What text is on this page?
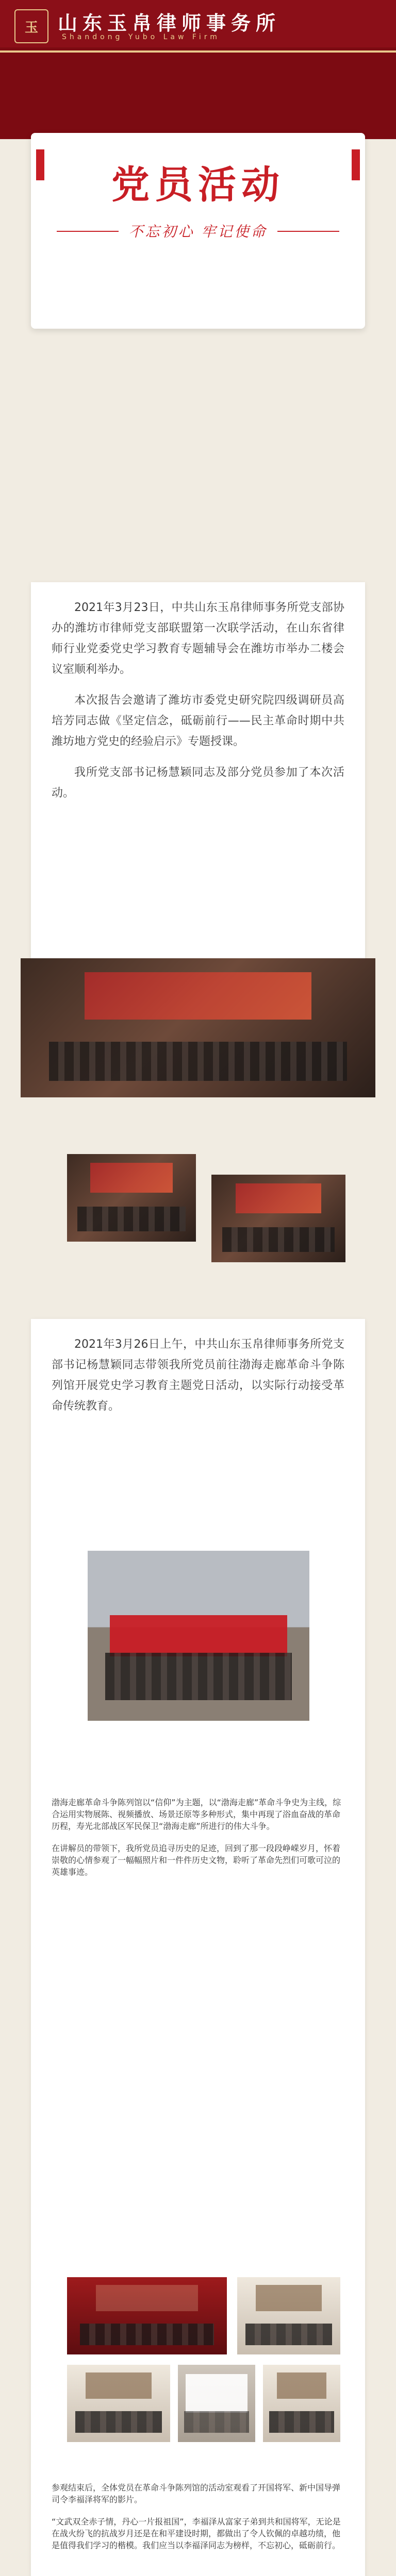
玉	山东玉帛律师事务所
Shandong Yubo Law Firm
党员活动
不忘初心 牢记使命

2021年3月23日，中共山东玉帛律师事务所党支部协办的潍坊市律师党支部联盟第一次联学活动，在山东省律师行业党委党史学习教育专题辅导会在潍坊市举办二楼会议室顺利举办。

本次报告会邀请了潍坊市委党史研究院四级调研员高培芳同志做《坚定信念，砥砺前行——民主革命时期中共潍坊地方党史的经验启示》专题授课。

我所党支部书记杨慧颖同志及部分党员参加了本次活动。

2021年3月26日上午，中共山东玉帛律师事务所党支部书记杨慧颖同志带领我所党员前往渤海走廊革命斗争陈列馆开展党史学习教育主题党日活动，以实际行动接受革命传统教育。

渤海走廊革命斗争陈列馆以“信仰”为主题，以“渤海走廊”革命斗争史为主线，综合运用实物展陈、视频播放、场景还原等多种形式，集中再现了浴血奋战的革命历程，寿光北部战区军民保卫“渤海走廊”所进行的伟大斗争。

在讲解员的带领下，我所党员追寻历史的足迹，回到了那一段段峥嵘岁月，怀着崇敬的心情参观了一幅幅照片和一件件历史文物，聆听了革命先烈们可歌可泣的英雄事迹。

参观结束后，全体党员在革命斗争陈列馆的活动室观看了开国将军、新中国导弹司令李福泽将军的影片。

“文武双全赤子情，丹心一片报祖国”，李福泽从富家子弟到共和国将军，无论是在战火纷飞的抗战岁月还是在和平建设时期，都做出了令人钦佩的卓越功绩，他是值得我们学习的楷模。我们应当以李福泽同志为榜样，不忘初心，砥砺前行。
